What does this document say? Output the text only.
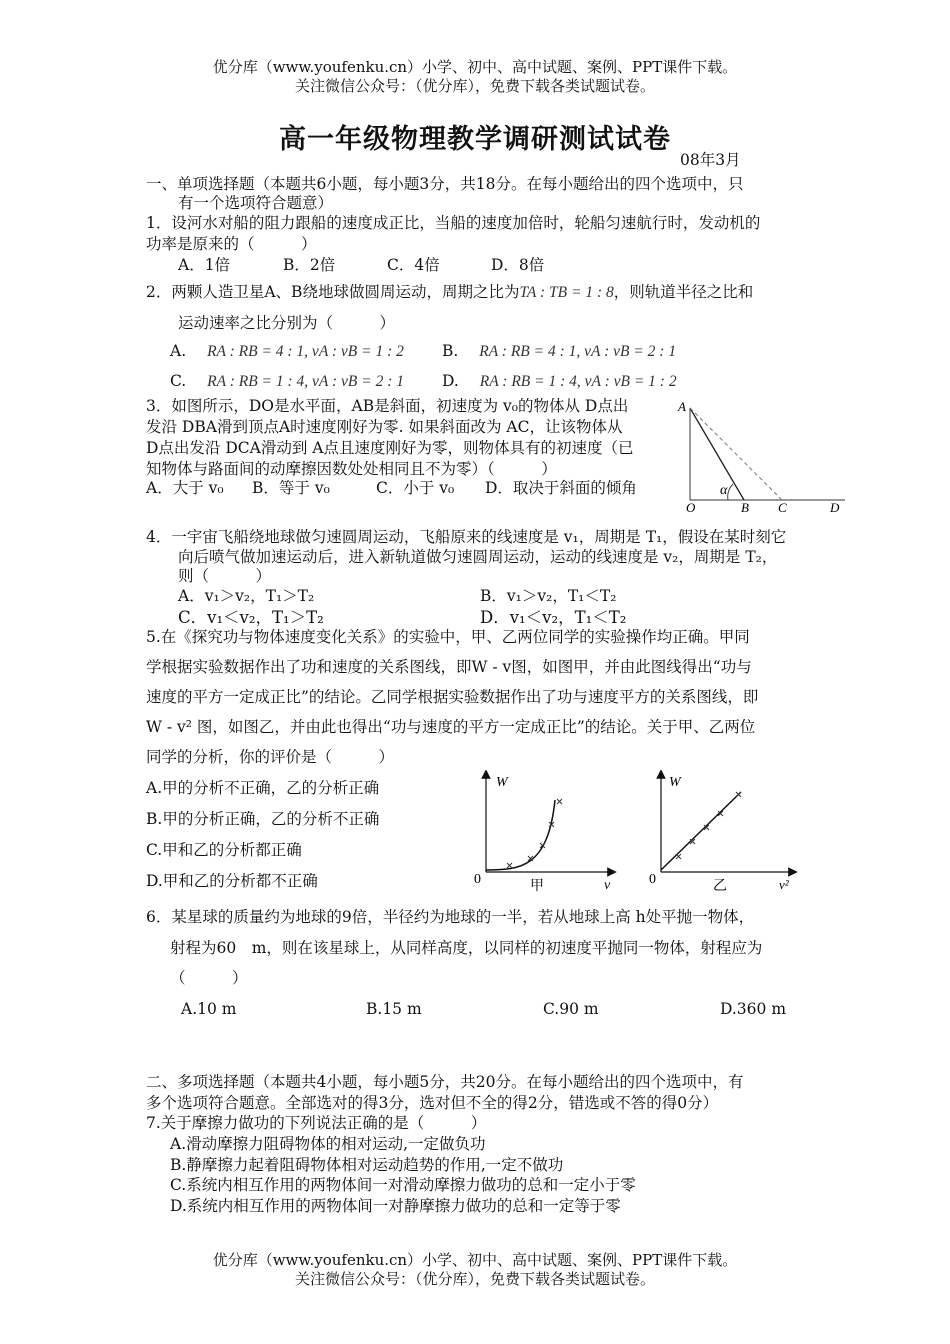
优分库（www.youfenku.cn）小学、初中、高中试题、案例、PPT课件下载。
关注微信公众号：（优分库），免费下载各类试题试卷。
高一年级物理教学调研测试试卷
08年3月
一、单项选择题（本题共6小题，每小题3分，共18分。在每小题给出的四个选项中，只
有一个选项符合题意）
1．设河水对船的阻力跟船的速度成正比，当船的速度加倍时，轮船匀速航行时，发动机的
功率是原来的（　　　）
A．1倍	B．2倍	C．4倍	D．8倍
2．两颗人造卫星A、B绕地球做圆周运动，周期之比为TA : TB = 1 : 8，则轨道半径之比和
运动速率之比分别为（　　　）
A. RA : RB = 4 : 1, vA : vB = 1 : 2 B. RA : RB = 4 : 1, vA : vB = 2 : 1
C. RA : RB = 1 : 4, vA : vB = 2 : 1 D. RA : RB = 1 : 4, vA : vB = 1 : 2
3．如图所示，DO是水平面，AB是斜面，初速度为 v₀的物体从 D点出
发沿 DBA滑到顶点A时速度刚好为零. 如果斜面改为 AC，让该物体从
D点出发沿 DCA滑动到 A点且速度刚好为零，则物体具有的初速度（已
知物体与路面间的动摩擦因数处处相同且不为零）（　　　）
A．大于 v₀ B．等于 v₀	C．小于 v₀ D．取决于斜面的倾角
A
O	B C	D
α
4．一宇宙飞船绕地球做匀速圆周运动，飞船原来的线速度是 v₁，周期是 T₁，假设在某时刻它
向后喷气做加速运动后，进入新轨道做匀速圆周运动，运动的线速度是 v₂，周期是 T₂，
则（　　　）
A．v₁＞v₂，T₁＞T₂	B．v₁＞v₂，T₁＜T₂
C．v₁＜v₂，T₁＞T₂	D．v₁＜v₂，T₁＜T₂
5.在《探究功与物体速度变化关系》的实验中，甲、乙两位同学的实验操作均正确。甲同
学根据实验数据作出了功和速度的关系图线，即W - v图，如图甲，并由此图线得出“功与
速度的平方一定成正比”的结论。乙同学根据实验数据作出了功与速度平方的关系图线，即
W - v² 图，如图乙，并由此也得出“功与速度的平方一定成正比”的结论。关于甲、乙两位
同学的分析，你的评价是（　　　）
A.甲的分析不正确，乙的分析正确
B.甲的分析正确，乙的分析不正确
C.甲和乙的分析都正确
D.甲和乙的分析都不正确
W
0	v
甲
W
0	v²
乙
6．某星球的质量约为地球的9倍，半径约为地球的一半，若从地球上高 h处平抛一物体，
射程为60　m，则在该星球上，从同样高度，以同样的初速度平抛同一物体，射程应为
（　　　）
A.10 m	B.15 m	C.90 m	D.360 m
二、多项选择题（本题共4小题，每小题5分，共20分。在每小题给出的四个选项中，有
多个选项符合题意。全部选对的得3分，选对但不全的得2分，错选或不答的得0分）
7.关于摩擦力做功的下列说法正确的是（　　　）
A.滑动摩擦力阻碍物体的相对运动,一定做负功
B.静摩擦力起着阻碍物体相对运动趋势的作用,一定不做功
C.系统内相互作用的两物体间一对滑动摩擦力做功的总和一定小于零
D.系统内相互作用的两物体间一对静摩擦力做功的总和一定等于零
优分库（www.youfenku.cn）小学、初中、高中试题、案例、PPT课件下载。
关注微信公众号：（优分库），免费下载各类试题试卷。
